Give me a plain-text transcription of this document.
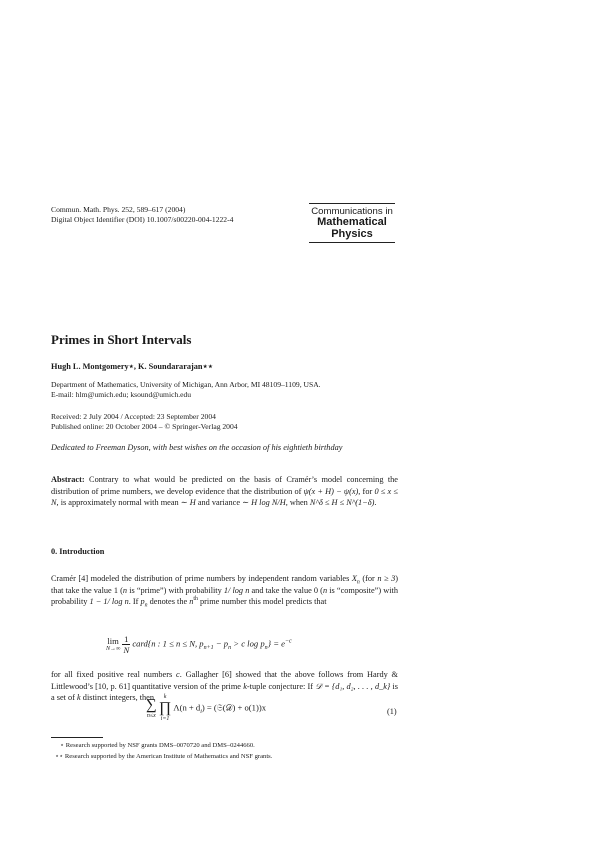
Commun. Math. Phys. 252, 589–617 (2004)
Digital Object Identifier (DOI) 10.1007/s00220-004-1222-4
Communications in
Mathematical
Physics
Primes in Short Intervals
Hugh L. Montgomery⋆, K. Soundararajan⋆⋆
Department of Mathematics, University of Michigan, Ann Arbor, MI 48109–1109, USA.
E-mail: hlm@umich.edu; ksound@umich.edu
Received: 2 July 2004 / Accepted: 23 September 2004
Published online: 20 October 2004 – © Springer-Verlag 2004
Dedicated to Freeman Dyson, with best wishes on the occasion of his eightieth birthday
Abstract: Contrary to what would be predicted on the basis of Cramér’s model concerning the distribution of prime numbers, we develop evidence that the distribution of ψ(x + H) − ψ(x), for 0 ≤ x ≤ N, is approximately normal with mean ∼ H and variance ∼ H log N/H, when N^δ ≤ H ≤ N^(1−δ).
0. Introduction
Cramér [4] modeled the distribution of prime numbers by independent random variables $X_n$ (for n ≥ 3) that take the value 1 (n is “prime”) with probability 1/ log n and take the value 0 (n is “composite”) with probability 1 − 1/ log n. If $p_n$ denotes the $n^{th}$ prime number this model predicts that
lim
N→∞
$\frac{1}{N}$ card{n : 1 ≤ n ≤ N, $p_{n+1} - p_n > c$ $\log p_n\} = e^{-c}$
for all fixed positive real numbers c. Gallagher [6] showed that the above follows from Hardy & Littlewood’s [10, p. 61] quantitative version of the prime k-tuple conjecture: If 𝒟 = {d₁, d₂, . . . , d_k} is a set of k distinct integers, then
∑
n≤x

k
∏
i=1
$\Lambda(n + d_i)$ = (𝔖(𝒟) + o(1))x	(1)
⋆ Research supported by NSF grants DMS–0070720 and DMS–0244660.
⋆⋆ Research supported by the American Institute of Mathematics and NSF grants.
